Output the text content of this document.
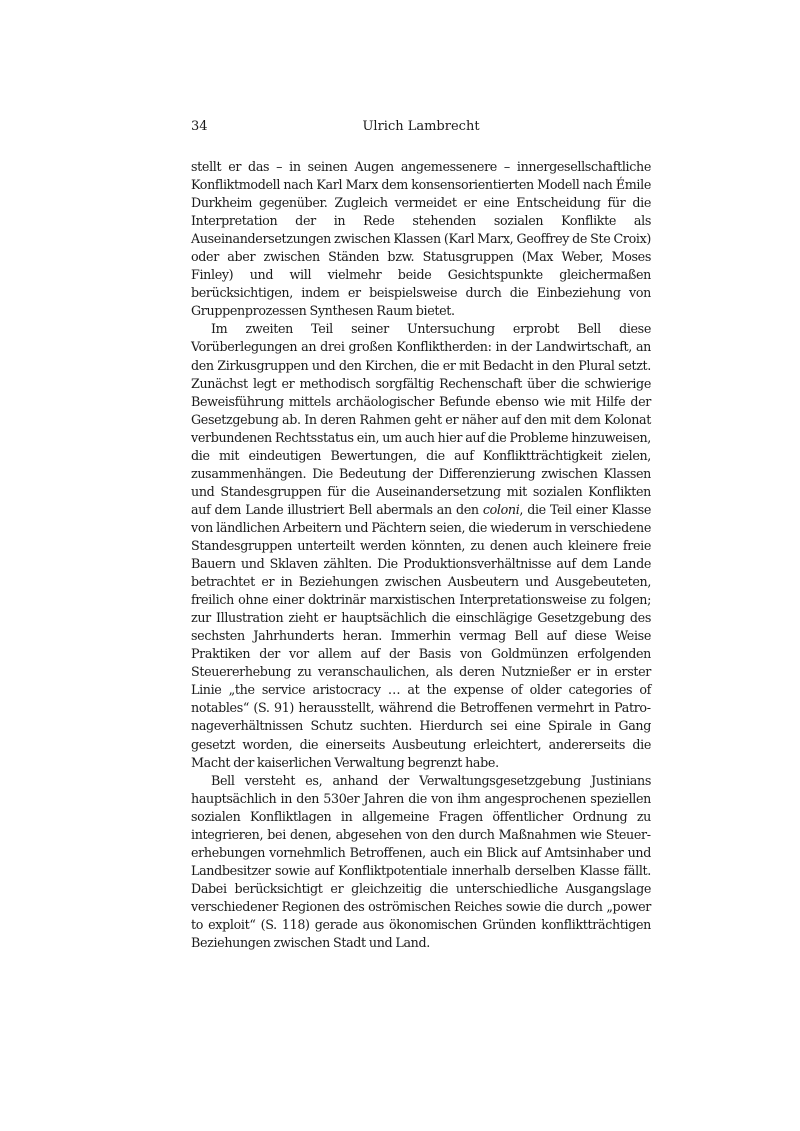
34	Ulrich Lambrecht

stellt er das – in seinen Augen angemessenere – innergesellschaftliche Konfliktmodell nach Karl Marx dem konsensorientierten Modell nach Émile Durkheim gegenüber. Zugleich vermeidet er eine Entscheidung für die Interpretation der in Rede stehenden sozialen Konflikte als Auseinandersetzungen zwischen Klassen (Karl Marx, Geoffrey de Ste Croix) oder aber zwischen Ständen bzw. Statusgruppen (Max Weber, Moses Finley) und will vielmehr beide Gesichtspunkte gleichermaßen berücksichtigen, indem er beispielsweise durch die Einbeziehung von Gruppenprozessen Synthesen Raum bietet.

Im zweiten Teil seiner Untersuchung erprobt Bell diese Vorüberlegungen an drei großen Konfliktherden: in der Landwirtschaft, an den Zirkusgruppen und den Kirchen, die er mit Bedacht in den Plural setzt. Zunächst legt er methodisch sorgfältig Rechenschaft über die schwierige Beweisführung mittels archäologischer Befunde ebenso wie mit Hilfe der Gesetzgebung ab. In deren Rahmen geht er näher auf den mit dem Kolonat verbundenen Rechtsstatus ein, um auch hier auf die Probleme hinzuweisen, die mit eindeutigen Bewertungen, die auf Konfliktträchtigkeit zielen, zusammenhängen. Die Bedeutung der Differenzierung zwischen Klassen und Standesgruppen für die Auseinandersetzung mit sozialen Konflikten auf dem Lande illustriert Bell abermals an den coloni, die Teil einer Klasse von ländlichen Arbeitern und Pächtern seien, die wiederum in verschiedene Standesgruppen unterteilt werden könnten, zu denen auch kleinere freie Bauern und Sklaven zählten. Die Produktionsverhältnisse auf dem Lande betrachtet er in Beziehungen zwischen Ausbeutern und Ausgebeuteten, freilich ohne einer doktrinär marxistischen Interpretationsweise zu folgen; zur Illustration zieht er hauptsächlich die einschlägige Gesetzgebung des sechsten Jahrhunderts heran. Immerhin vermag Bell auf diese Weise Praktiken der vor allem auf der Basis von Goldmünzen erfolgenden Steuererhebung zu veranschaulichen, als deren Nutznießer er in erster Linie „the service aristocracy … at the expense of older categories of notables“ (S. 91) herausstellt, während die Betroffenen vermehrt in Patronageverhältnissen Schutz suchten. Hierdurch sei eine Spirale in Gang gesetzt worden, die einerseits Ausbeutung erleichtert, andererseits die Macht der kaiserlichen Verwaltung begrenzt habe.

Bell versteht es, anhand der Verwaltungsgesetzgebung Justinians hauptsächlich in den 530er Jahren die von ihm angesprochenen speziellen sozialen Konfliktlagen in allgemeine Fragen öffentlicher Ordnung zu integrieren, bei denen, abgesehen von den durch Maßnahmen wie Steuererhebungen vornehmlich Betroffenen, auch ein Blick auf Amtsinhaber und Landbesitzer sowie auf Konfliktpotentiale innerhalb derselben Klasse fällt. Dabei berücksichtigt er gleichzeitig die unterschiedliche Ausgangslage verschiedener Regionen des oströmischen Reiches sowie die durch „power to exploit“ (S. 118) gerade aus ökonomischen Gründen konfliktträchtigen Beziehungen zwischen Stadt und Land.
